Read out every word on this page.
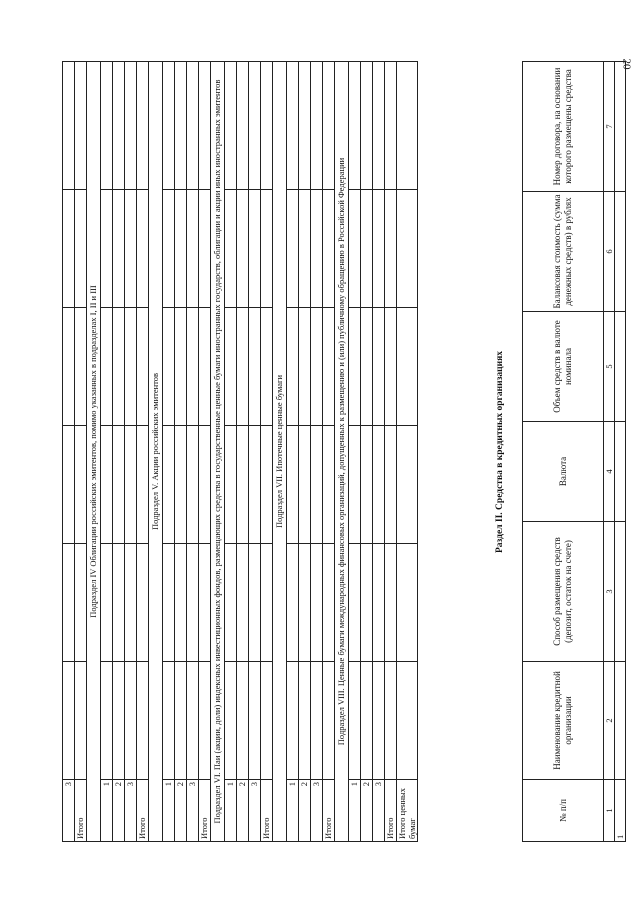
20
3						
Итого						
Подраздел IV Облигации российских эмитентов, помимо указанных в подразделах I, II и III						
1						
2						
3						
Итого						
Подраздел V. Акции российских эмитентов						
1						
2						
3						
Итого						
Подраздел VI. Паи (акции, доли) индексных инвестиционных фондов, размещающих средства в государственные ценные бумаги иностранных государств, облигации и акции иных иностранных эмитентов						
1						
2						
3						
Итого						
Подраздел VII. Ипотечные ценные бумаги						
1						
2						
3						
Итого						
Подраздел VIII. Ценные бумаги международных финансовых организаций, допущенных к размещению и (или) публичному обращению в Российской Федерации						
1						
2						
3						
Итого						
Итого ценных бумаг						
Раздел II. Средства в кредитных организациях
№ п/п	Наименование кредитной организации	Способ размещения средств (депозит, остаток на счете)	Валюта	Объем средств в валюте номинала	Балансовая стоимость (сумма денежных средств) в рублях	Номер договора, на основании которого размещены средства
1	2	3	4	5	6	7
1						
